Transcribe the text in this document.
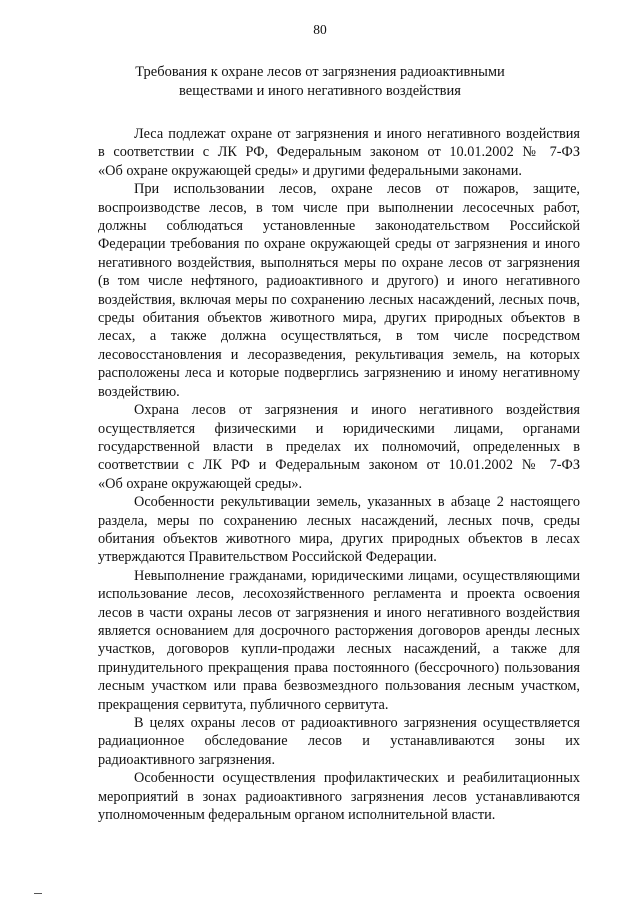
80
Требования к охране лесов от загрязнения радиоактивными
веществами и иного негативного воздействия
Леса подлежат охране от загрязнения и иного негативного воздействия
в соответствии с ЛК РФ, Федеральным законом от 10.01.2002 № 7-ФЗ
«Об охране окружающей среды» и другими федеральными законами.
При использовании лесов, охране лесов от пожаров, защите,
воспроизводстве лесов, в том числе при выполнении лесосечных работ,
должны соблюдаться установленные законодательством Российской
Федерации требования по охране окружающей среды от загрязнения и иного
негативного воздействия, выполняться меры по охране лесов от загрязнения
(в том числе нефтяного, радиоактивного и другого) и иного негативного
воздействия, включая меры по сохранению лесных насаждений, лесных почв,
среды обитания объектов животного мира, других природных объектов в
лесах, а также должна осуществляться, в том числе посредством
лесовосстановления и лесоразведения, рекультивация земель, на которых
расположены леса и которые подверглись загрязнению и иному негативному
воздействию.
Охрана лесов от загрязнения и иного негативного воздействия
осуществляется физическими и юридическими лицами, органами
государственной власти в пределах их полномочий, определенных в
соответствии с ЛК РФ и Федеральным законом от 10.01.2002 № 7-ФЗ
«Об охране окружающей среды».
Особенности рекультивации земель, указанных в абзаце 2 настоящего
раздела, меры по сохранению лесных насаждений, лесных почв, среды
обитания объектов животного мира, других природных объектов в лесах
утверждаются Правительством Российской Федерации.
Невыполнение гражданами, юридическими лицами, осуществляющими
использование лесов, лесохозяйственного регламента и проекта освоения
лесов в части охраны лесов от загрязнения и иного негативного воздействия
является основанием для досрочного расторжения договоров аренды лесных
участков, договоров купли-продажи лесных насаждений, а также для
принудительного прекращения права постоянного (бессрочного) пользования
лесным участком или права безвозмездного пользования лесным участком,
прекращения сервитута, публичного сервитута.
В целях охраны лесов от радиоактивного загрязнения осуществляется
радиационное обследование лесов и устанавливаются зоны их
радиоактивного загрязнения.
Особенности осуществления профилактических и реабилитационных
мероприятий в зонах радиоактивного загрязнения лесов устанавливаются
уполномоченным федеральным органом исполнительной власти.
